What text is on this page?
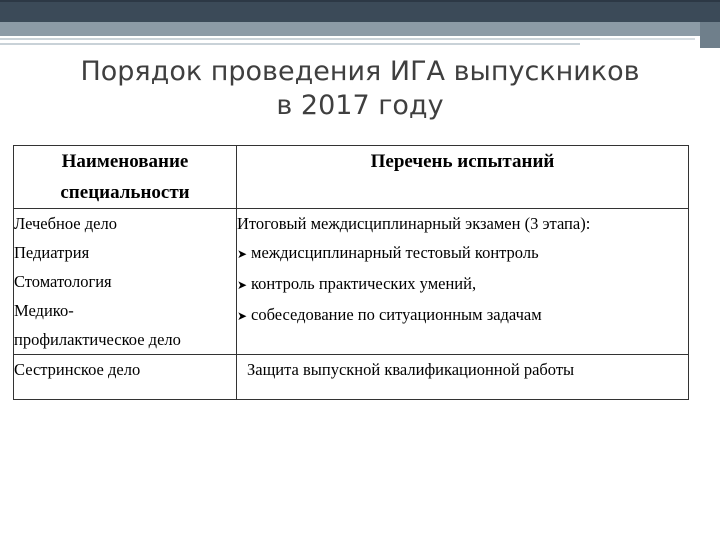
Порядок проведения ИГА выпускников
в 2017 году
Наименование
специальности	Перечень испытаний

Лечебное дело
Педиатрия
Стоматология
Медико-
профилактическое дело	Итоговый междисциплинарный экзамен (3 этапа):
➤ междисциплинарный тестовый контроль
➤ контроль практических умений,
➤ собеседование по ситуационным задачам

Сестринское дело	Защита выпускной квалификационной работы
